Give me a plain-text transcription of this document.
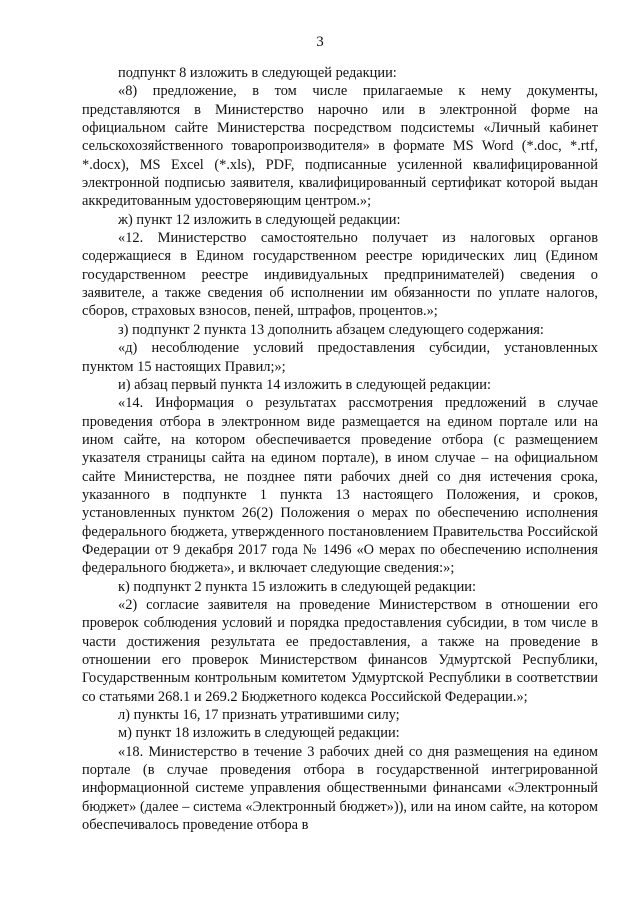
3

подпункт 8 изложить в следующей редакции:

«8) предложение, в том числе прилагаемые к нему документы, представляются в Министерство нарочно или в электронной форме на официальном сайте Министерства посредством подсистемы «Личный кабинет сельскохозяйственного товаропроизводителя» в формате MS Word (*.doc, *.rtf, *.docx), MS Excel (*.xls), PDF, подписанные усиленной квалифицированной электронной подписью заявителя, квалифицированный сертификат которой выдан аккредитованным удостоверяющим центром.»;

ж) пункт 12 изложить в следующей редакции:

«12. Министерство самостоятельно получает из налоговых органов содержащиеся в Едином государственном реестре юридических лиц (Едином государственном реестре индивидуальных предпринимателей) сведения о заявителе, а также сведения об исполнении им обязанности по уплате налогов, сборов, страховых взносов, пеней, штрафов, процентов.»;

з) подпункт 2 пункта 13 дополнить абзацем следующего содержания:

«д) несоблюдение условий предоставления субсидии, установленных пунктом 15 настоящих Правил;»;

и) абзац первый пункта 14 изложить в следующей редакции:

«14. Информация о результатах рассмотрения предложений в случае проведения отбора в электронном виде размещается на едином портале или на ином сайте, на котором обеспечивается проведение отбора (с размещением указателя страницы сайта на едином портале), в ином случае – на официальном сайте Министерства, не позднее пяти рабочих дней со дня истечения срока, указанного в подпункте 1 пункта 13 настоящего Положения, и сроков, установленных пунктом 26(2) Положения о мерах по обеспечению исполнения федерального бюджета, утвержденного постановлением Правительства Российской Федерации от 9 декабря 2017 года № 1496 «О мерах по обеспечению исполнения федерального бюджета», и включает следующие сведения:»;

к) подпункт 2 пункта 15 изложить в следующей редакции:

«2) согласие заявителя на проведение Министерством в отношении его проверок соблюдения условий и порядка предоставления субсидии, в том числе в части достижения результата ее предоставления, а также на проведение в отношении его проверок Министерством финансов Удмуртской Республики, Государственным контрольным комитетом Удмуртской Республики в соответствии со статьями 268.1 и 269.2 Бюджетного кодекса Российской Федерации.»;

л) пункты 16, 17 признать утратившими силу;

м) пункт 18 изложить в следующей редакции:

«18. Министерство в течение 3 рабочих дней со дня размещения на едином портале (в случае проведения отбора в государственной интегрированной информационной системе управления общественными финансами «Электронный бюджет» (далее – система «Электронный бюджет»)), или на ином сайте, на котором обеспечивалось проведение отбора в
